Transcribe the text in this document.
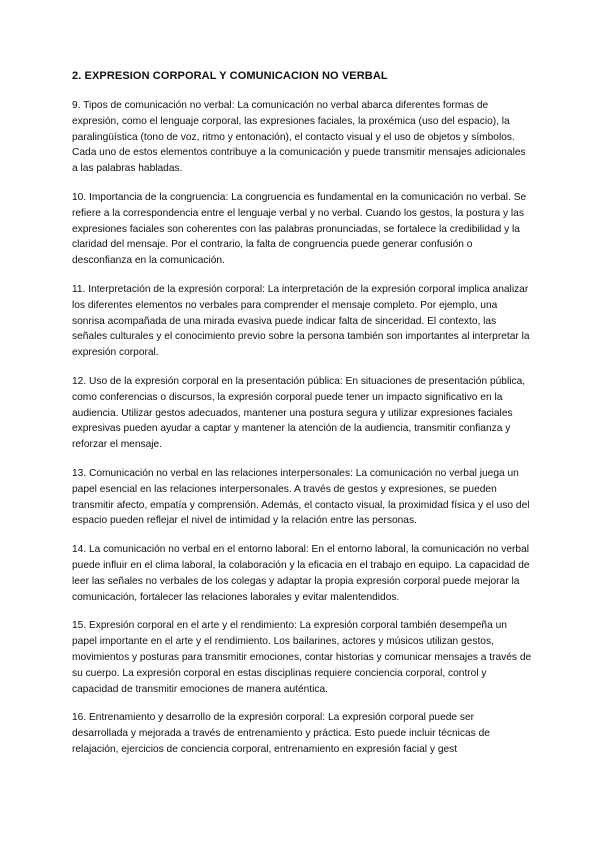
2. EXPRESION CORPORAL Y COMUNICACION NO VERBAL
9. Tipos de comunicación no verbal: La comunicación no verbal abarca diferentes formas de expresión, como el lenguaje corporal, las expresiones faciales, la proxémica (uso del espacio), la paralingüística (tono de voz, ritmo y entonación), el contacto visual y el uso de objetos y símbolos. Cada uno de estos elementos contribuye a la comunicación y puede transmitir mensajes adicionales a las palabras habladas.
10. Importancia de la congruencia: La congruencia es fundamental en la comunicación no verbal. Se refiere a la correspondencia entre el lenguaje verbal y no verbal. Cuando los gestos, la postura y las expresiones faciales son coherentes con las palabras pronunciadas, se fortalece la credibilidad y la claridad del mensaje. Por el contrario, la falta de congruencia puede generar confusión o desconfianza en la comunicación.
11. Interpretación de la expresión corporal: La interpretación de la expresión corporal implica analizar los diferentes elementos no verbales para comprender el mensaje completo. Por ejemplo, una sonrisa acompañada de una mirada evasiva puede indicar falta de sinceridad. El contexto, las señales culturales y el conocimiento previo sobre la persona también son importantes al interpretar la expresión corporal.
12. Uso de la expresión corporal en la presentación pública: En situaciones de presentación pública, como conferencias o discursos, la expresión corporal puede tener un impacto significativo en la audiencia. Utilizar gestos adecuados, mantener una postura segura y utilizar expresiones faciales expresivas pueden ayudar a captar y mantener la atención de la audiencia, transmitir confianza y reforzar el mensaje.
13. Comunicación no verbal en las relaciones interpersonales: La comunicación no verbal juega un papel esencial en las relaciones interpersonales. A través de gestos y expresiones, se pueden transmitir afecto, empatía y comprensión. Además, el contacto visual, la proximidad física y el uso del espacio pueden reflejar el nivel de intimidad y la relación entre las personas.
14. La comunicación no verbal en el entorno laboral: En el entorno laboral, la comunicación no verbal puede influir en el clima laboral, la colaboración y la eficacia en el trabajo en equipo. La capacidad de leer las señales no verbales de los colegas y adaptar la propia expresión corporal puede mejorar la comunicación, fortalecer las relaciones laborales y evitar malentendidos.
15. Expresión corporal en el arte y el rendimiento: La expresión corporal también desempeña un papel importante en el arte y el rendimiento. Los bailarines, actores y músicos utilizan gestos, movimientos y posturas para transmitir emociones, contar historias y comunicar mensajes a través de su cuerpo. La expresión corporal en estas disciplinas requiere conciencia corporal, control y capacidad de transmitir emociones de manera auténtica.
16. Entrenamiento y desarrollo de la expresión corporal: La expresión corporal puede ser desarrollada y mejorada a través de entrenamiento y práctica. Esto puede incluir técnicas de relajación, ejercicios de conciencia corporal, entrenamiento en expresión facial y gest
